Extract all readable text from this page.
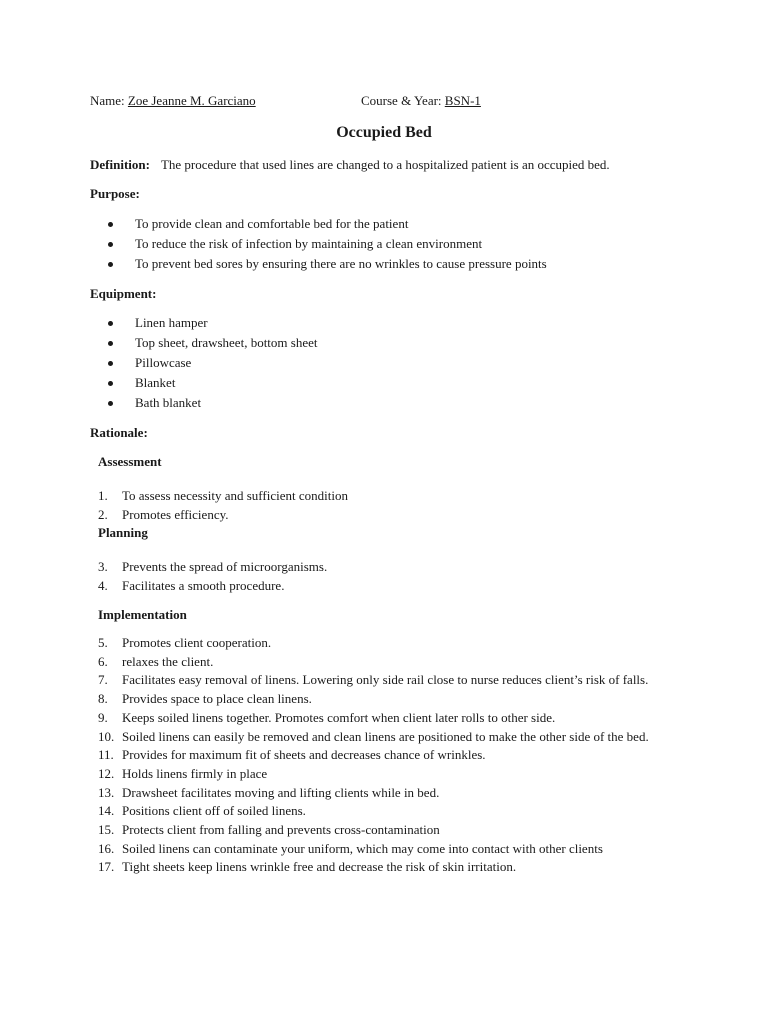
Name: Zoe Jeanne M. Garciano	Course & Year: BSN-1
Occupied Bed
Definition: The procedure that used lines are changed to a hospitalized patient is an occupied bed.
Purpose:
To provide clean and comfortable bed for the patient
To reduce the risk of infection by maintaining a clean environment
To prevent bed sores by ensuring there are no wrinkles to cause pressure points
Equipment:
Linen hamper
Top sheet, drawsheet, bottom sheet
Pillowcase
Blanket
Bath blanket
Rationale:
Assessment
1. To assess necessity and sufficient condition
2. Promotes efficiency.
Planning
3. Prevents the spread of microorganisms.
4. Facilitates a smooth procedure.
Implementation
5. Promotes client cooperation.
6. relaxes the client.
7. Facilitates easy removal of linens. Lowering only side rail close to nurse reduces client’s risk of falls.
8. Provides space to place clean linens.
9. Keeps soiled linens together. Promotes comfort when client later rolls to other side.
10. Soiled linens can easily be removed and clean linens are positioned to make the other side of the bed.
11. Provides for maximum fit of sheets and decreases chance of wrinkles.
12. Holds linens firmly in place
13. Drawsheet facilitates moving and lifting clients while in bed.
14. Positions client off of soiled linens.
15. Protects client from falling and prevents cross-contamination
16. Soiled linens can contaminate your uniform, which may come into contact with other clients
17. Tight sheets keep linens wrinkle free and decrease the risk of skin irritation.
